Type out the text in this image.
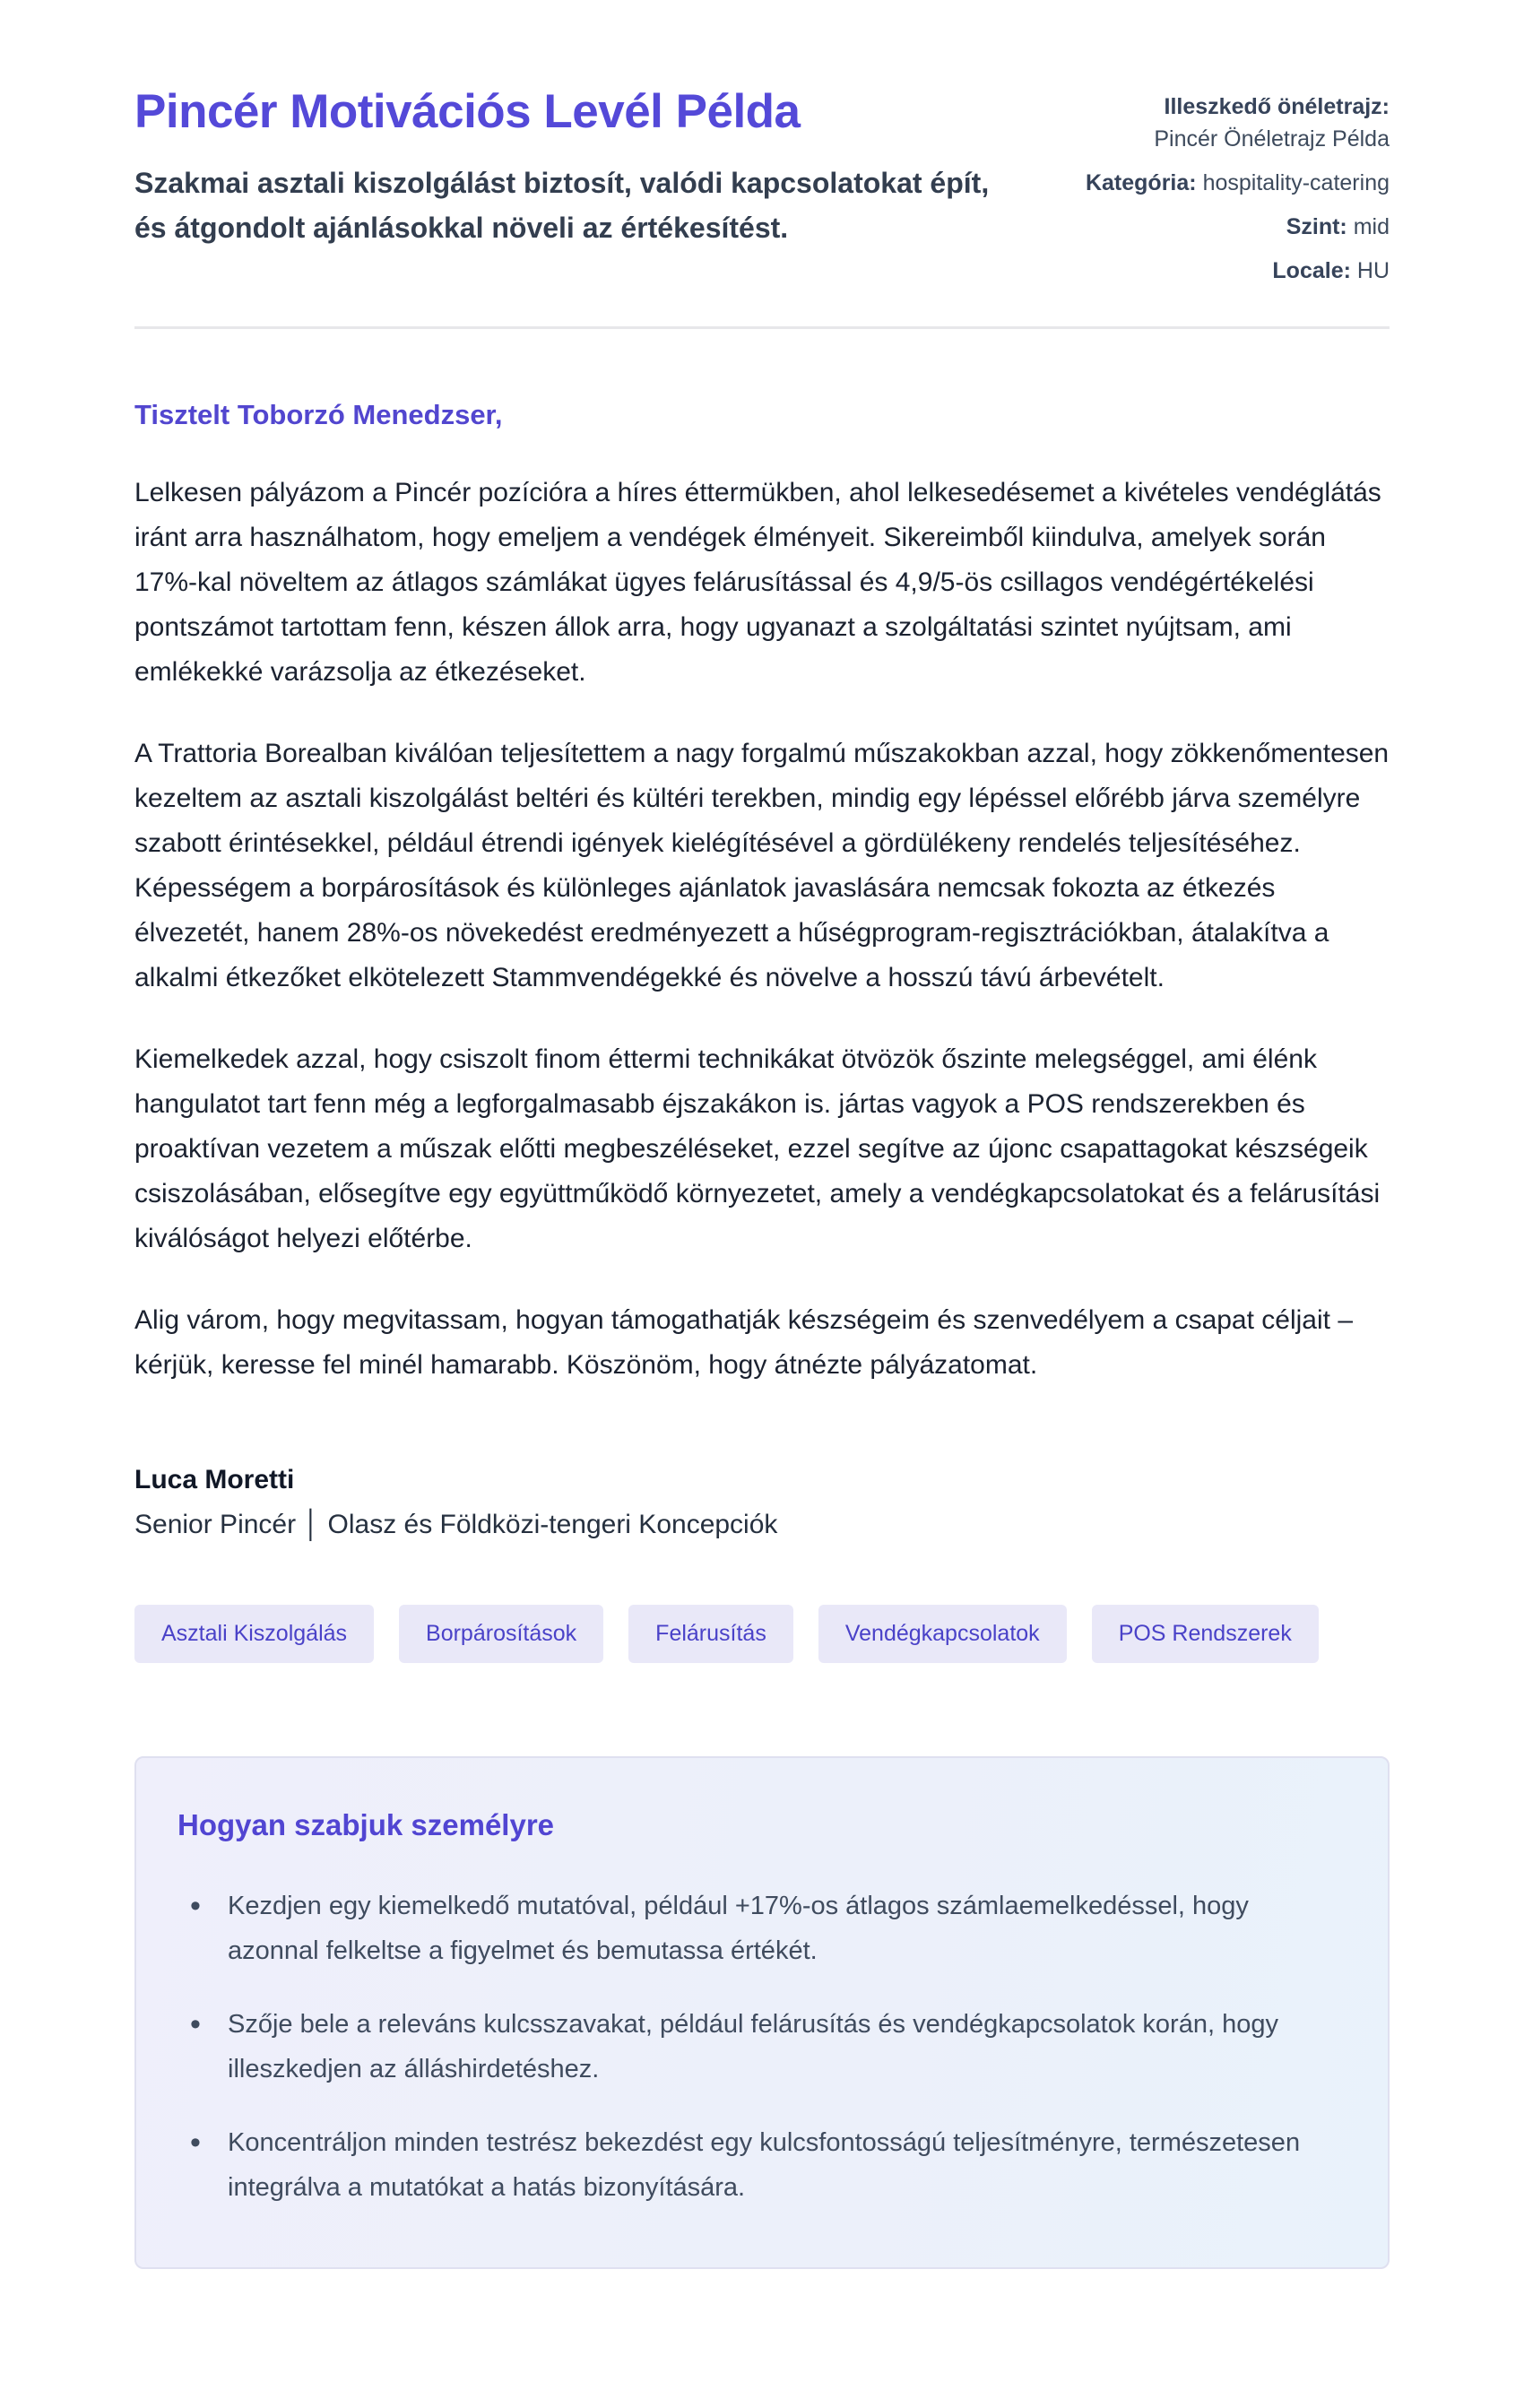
Pincér Motivációs Levél Példa

Szakmai asztali kiszolgálást biztosít, valódi kapcsolatokat épít, és átgondolt ajánlásokkal növeli az értékesítést.

Illeszkedő önéletrajz:
Pincér Önéletrajz Példa
Kategória: hospitality-catering
Szint: mid
Locale: HU

Tisztelt Toborzó Menedzser,

Lelkesen pályázom a Pincér pozícióra a híres éttermükben, ahol lelkesedésemet a kivételes vendéglátás iránt arra használhatom, hogy emeljem a vendégek élményeit. Sikereimből kiindulva, amelyek során 17%-kal növeltem az átlagos számlákat ügyes felárusítással és 4,9/5-ös csillagos vendégértékelési pontszámot tartottam fenn, készen állok arra, hogy ugyanazt a szolgáltatási szintet nyújtsam, ami emlékekké varázsolja az étkezéseket.

A Trattoria Borealban kiválóan teljesítettem a nagy forgalmú műszakokban azzal, hogy zökkenőmentesen kezeltem az asztali kiszolgálást beltéri és kültéri terekben, mindig egy lépéssel előrébb járva személyre szabott érintésekkel, például étrendi igények kielégítésével a gördülékeny rendelés teljesítéséhez. Képességem a borpárosítások és különleges ajánlatok javaslására nemcsak fokozta az étkezés élvezetét, hanem 28%-os növekedést eredményezett a hűségprogram-regisztrációkban, átalakítva a alkalmi étkezőket elkötelezett Stammvendégekké és növelve a hosszú távú árbevételt.

Kiemelkedek azzal, hogy csiszolt finom éttermi technikákat ötvözök őszinte melegséggel, ami élénk hangulatot tart fenn még a legforgalmasabb éjszakákon is. jártas vagyok a POS rendszerekben és proaktívan vezetem a műszak előtti megbeszéléseket, ezzel segítve az újonc csapattagokat készségeik csiszolásában, elősegítve egy együttműködő környezetet, amely a vendégkapcsolatokat és a felárusítási kiválóságot helyezi előtérbe.

Alig várom, hogy megvitassam, hogyan támogathatják készségeim és szenvedélyem a csapat céljait – kérjük, keresse fel minél hamarabb. Köszönöm, hogy átnézte pályázatomat.

Luca Moretti

Senior Pincér │ Olasz és Földközi-tengeri Koncepciók

Asztali Kiszolgálás	Borpárosítások	Felárusítás	Vendégkapcsolatok	POS Rendszerek
Hogyan szabjuk személyre
• Kezdjen egy kiemelkedő mutatóval, például +17%-os átlagos számlaemelkedéssel, hogy azonnal felkeltse a figyelmet és bemutassa értékét.
• Szője bele a releváns kulcsszavakat, például felárusítás és vendégkapcsolatok korán, hogy illeszkedjen az álláshirdetéshez.
• Koncentráljon minden testrész bekezdést egy kulcsfontosságú teljesítményre, természetesen integrálva a mutatókat a hatás bizonyítására.
